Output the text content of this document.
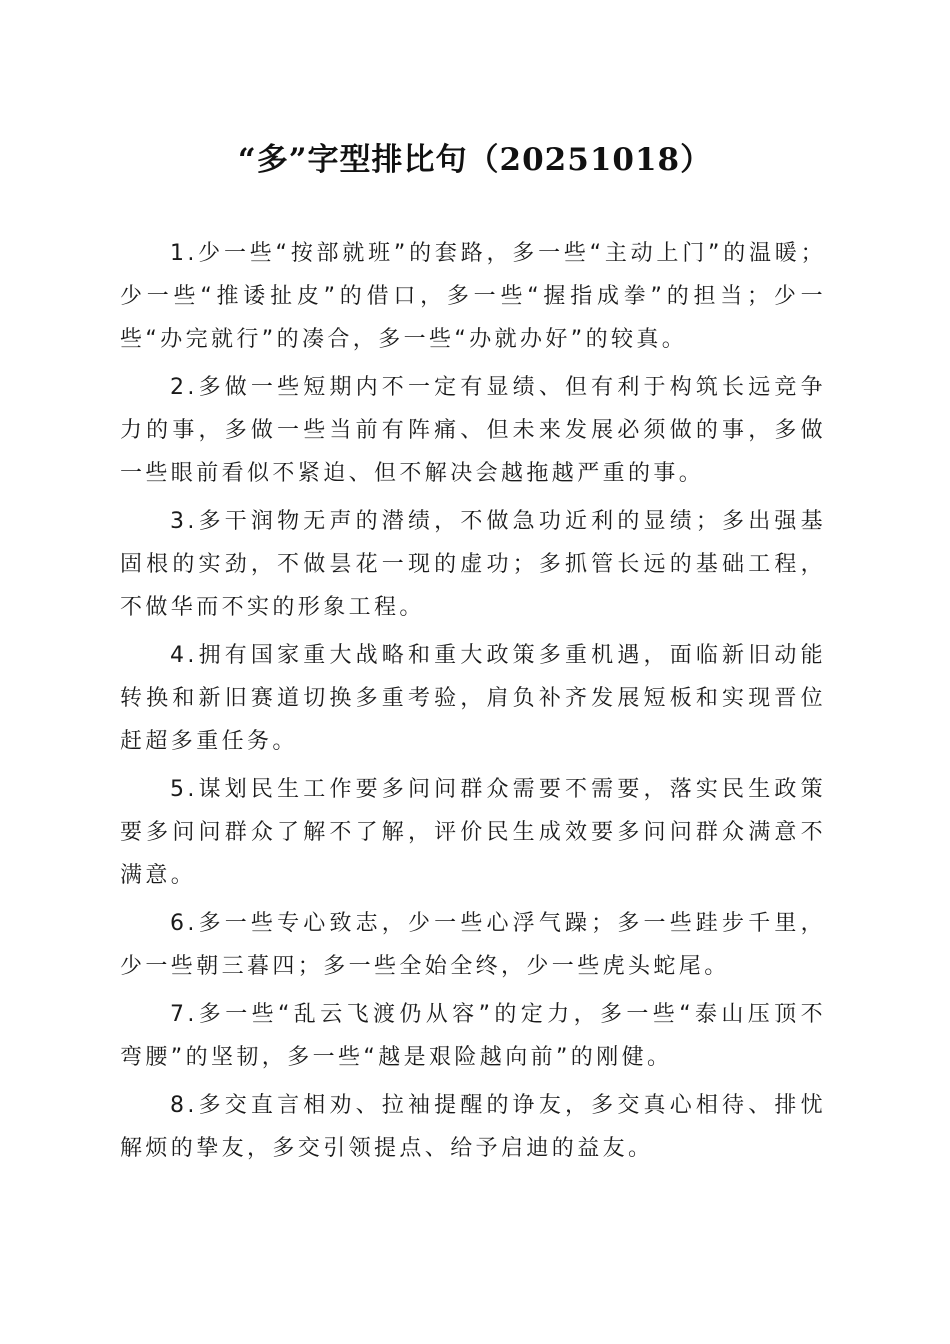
“多”字型排比句（20251018）

1.少一些“按部就班”的套路，多一些“主动上门”的温暖；少一些“推诿扯皮”的借口，多一些“握指成拳”的担当；少一些“办完就行”的凑合，多一些“办就办好”的较真。

2.多做一些短期内不一定有显绩、但有利于构筑长远竞争力的事，多做一些当前有阵痛、但未来发展必须做的事，多做一些眼前看似不紧迫、但不解决会越拖越严重的事。

3.多干润物无声的潜绩，不做急功近利的显绩；多出强基固根的实劲，不做昙花一现的虚功；多抓管长远的基础工程，不做华而不实的形象工程。

4.拥有国家重大战略和重大政策多重机遇，面临新旧动能转换和新旧赛道切换多重考验，肩负补齐发展短板和实现晋位赶超多重任务。

5.谋划民生工作要多问问群众需要不需要，落实民生政策要多问问群众了解不了解，评价民生成效要多问问群众满意不满意。

6.多一些专心致志，少一些心浮气躁；多一些跬步千里，少一些朝三暮四；多一些全始全终，少一些虎头蛇尾。

7.多一些“乱云飞渡仍从容”的定力，多一些“泰山压顶不弯腰”的坚韧，多一些“越是艰险越向前”的刚健。

8.多交直言相劝、拉袖提醒的诤友，多交真心相待、排忧解烦的挚友，多交引领提点、给予启迪的益友。
